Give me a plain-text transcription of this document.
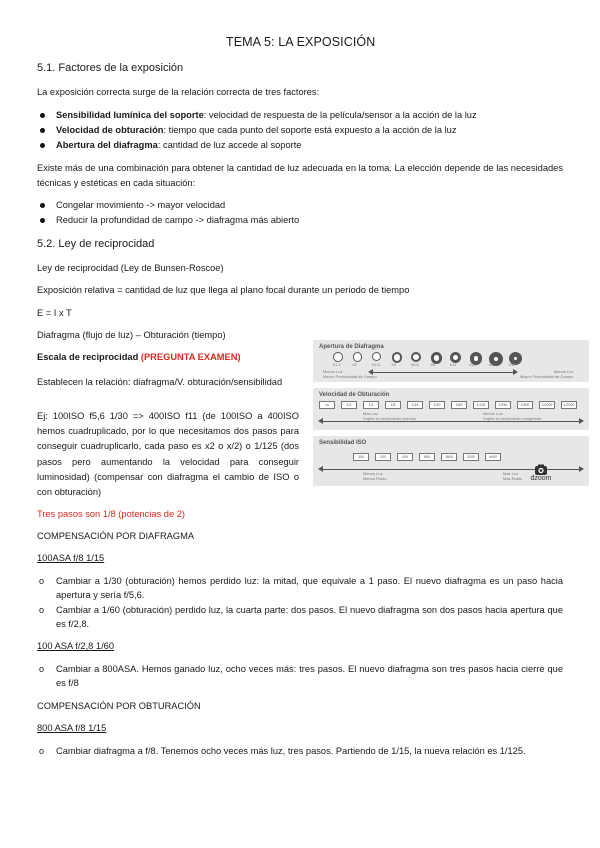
TEMA 5: LA EXPOSICIÓN
5.1. Factores de la exposición
La exposición correcta surge de la relación correcta de tres factores:
Sensibilidad lumínica del soporte: velocidad de respuesta de la película/sensor a la acción de la luz
Velocidad de obturación: tiempo que cada punto del soporte está expuesto a la acción de la luz
Abertura del diafragma: cantidad de luz accede al soporte
Existe más de una combinación para obtener la cantidad de luz adecuada en la toma. La elección depende de las necesidades técnicas y estéticas en cada situación:
Congelar movimiento -> mayor velocidad
Reducir la profundidad de campo -> diafragma más abierto
5.2. Ley de reciprocidad
Ley de reciprocidad (Ley de Bunsen-Roscoe)
Exposición relativa = cantidad de luz que llega al plano focal durante un periodo de tiempo
E = I x T
Diafragma (flujo de luz) – Obturación (tiempo)
Escala de reciprocidad (PREGUNTA EXAMEN)
Establecen la relación: diafragma/V. obturación/sensibilidad
Ej: 100ISO f5,6 1/30 => 400ISO f11 (de 100ISO a 400ISO hemos cuadruplicado, por lo que necesitamos dos pasos para conseguir cuadruplicarlo, cada paso es x2 o x/2) o 1/125 (dos pasos pero aumentando la velocidad para conseguir luminosidad) (compensar con diafragma el cambio de ISO o con obturación)
Tres pasos son 1/8 (potencias de 2)
COMPENSACIÓN POR DIAFRAGMA
100ASA f/8 1/15
o Cambiar a 1/30 (obturación) hemos perdido luz: la mitad, que equivale a 1 paso. El nuevo diafragma es un paso hacia apertura y sería f/5,6.
o Cambiar a 1/60 (obturación) perdido luz, la cuarta parte: dos pasos. El nuevo diafragma son dos pasos hacia apertura que es f/2,8.
100 ASA f/2,8 1/60
o Cambiar a 800ASA. Hemos ganado luz, ocho veces más: tres pasos. El nuevo diafragma son tres pasos hacia cierre que es f/8
COMPENSACIÓN POR OBTURACIÓN
800 ASA f/8 1/15
o Cambiar diafragma a f/8. Tenemos ocho veces más luz, tres pasos. Partiendo de 1/15, la nueva relación es 1/125.
Apertura de Diafragma
f/1.4	f/2	f/2.8	f/4	f/5.6	f/8	f/11	f/16	f/22	f/32
Menos Luz
Menor Profundidad de Campo
Menos Luz
Mayor Profundidad de Campo
Velocidad de Obturación
1s	1/2	1/4	1/8	1/15	1/30	1/60	1/125	1/250	1/500	1/1000	1/2000
Más Luz
Sujeto en movimiento borroso
Menos Luz
Sujeto en movimiento congelado
Sensibilidad ISO
100	200	400	800	1600	3200	6400
Menos Luz
Menos Ruido
Más Luz
Más Ruido dzoom
